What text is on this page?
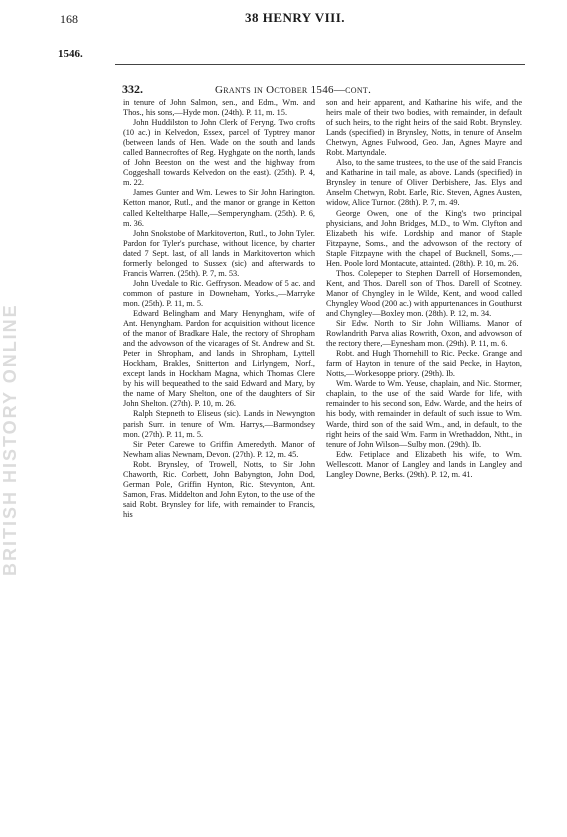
BRITISH HISTORY ONLINE
168	38 HENRY VIII.
1546.
332.	Grants in October 1546—cont.

in tenure of John Salmon, sen., and Edm., Wm. and Thos., his sons,—Hyde mon. (24th). P. 11, m. 15.

John Huddilston to John Clerk of Feryng. Two crofts (10 ac.) in Kelvedon, Essex, parcel of Typtrey manor (between lands of Hen. Wade on the south and lands called Bannecroftes of Reg. Hyghgate on the north, lands of John Beeston on the west and the highway from Coggeshall towards Kelvedon on the east). (25th). P. 4, m. 22.

James Gunter and Wm. Lewes to Sir John Harington. Ketton manor, Rutl., and the manor or grange in Ketton called Kelteltharpe Halle,—Semperyngham. (25th). P. 6, m. 36.

John Snokstobe of Markitoverton, Rutl., to John Tyler. Pardon for Tyler's purchase, without licence, by charter dated 7 Sept. last, of all lands in Markitoverton which formerly belonged to Sussex (sic) and afterwards to Francis Warren. (25th). P. 7, m. 53.

John Uvedale to Ric. Geffryson. Meadow of 5 ac. and common of pasture in Downeham, Yorks.,—Marryke mon. (25th). P. 11, m. 5.

Edward Belingham and Mary Henyngham, wife of Ant. Henyngham. Pardon for acquisition without licence of the manor of Bradkare Hale, the rectory of Shropham and the advowson of the vicarages of St. Andrew and St. Peter in Shropham, and lands in Shropham, Lyttell Hockham, Brakles, Snitterton and Lirlyngem, Norf., except lands in Hockham Magna, which Thomas Clere by his will bequeathed to the said Edward and Mary, by the name of Mary Shelton, one of the daughters of Sir John Shelton. (27th). P. 10, m. 26.

Ralph Stepneth to Eliseus (sic). Lands in Newyngton parish Surr. in tenure of Wm. Harrys,—Barmondsey mon. (27th). P. 11, m. 5.

Sir Peter Carewe to Griffin Ameredyth. Manor of Newham alias Newnam, Devon. (27th). P. 12, m. 45.

Robt. Brynsley, of Trowell, Notts, to Sir John Chaworth, Ric. Corbett, John Babyngton, John Dod, German Pole, Griffin Hynton, Ric. Stevynton, Ant. Samon, Fras. Middelton and John Eyton, to the use of the said Robt. Brynsley for life, with remainder to Francis, his

son and heir apparent, and Katharine his wife, and the heirs male of their two bodies, with remainder, in default of such heirs, to the right heirs of the said Robt. Brynsley. Lands (specified) in Brynsley, Notts, in tenure of Anselm Chetwyn, Agnes Fulwood, Geo. Jan, Agnes Mayre and Robt. Martyndale.

Also, to the same trustees, to the use of the said Francis and Katharine in tail male, as above. Lands (specified) in Brynsley in tenure of Oliver Derbishere, Jas. Elys and Anselm Chetwyn, Robt. Earle, Ric. Steven, Agnes Austen, widow, Alice Turnor. (28th). P. 7, m. 49.

George Owen, one of the King's two principal physicians, and John Bridges, M.D., to Wm. Clyfton and Elizabeth his wife. Lordship and manor of Staple Fitzpayne, Soms., and the advowson of the rectory of Staple Fitzpayne with the chapel of Bucknell, Soms.,—Hen. Poole lord Montacute, attainted. (28th). P. 10, m. 26.

Thos. Colepeper to Stephen Darrell of Horsemonden, Kent, and Thos. Darell son of Thos. Darell of Scotney. Manor of Chyngley in le Wilde, Kent, and wood called Chyngley Wood (200 ac.) with appurtenances in Gouthurst and Chyngley—Boxley mon. (28th). P. 12, m. 34.

Sir Edw. North to Sir John Williams. Manor of Rowlandrith Parva alias Rowrith, Oxon, and advowson of the rectory there,—Eynesham mon. (29th). P. 11, m. 6.

Robt. and Hugh Thornehill to Ric. Pecke. Grange and farm of Hayton in tenure of the said Pecke, in Hayton, Notts,—Workesoppe priory. (29th). Ib.

Wm. Warde to Wm. Yeuse, chaplain, and Nic. Stormer, chaplain, to the use of the said Warde for life, with remainder to his second son, Edw. Warde, and the heirs of his body, with remainder in default of such issue to Wm. Warde, third son of the said Wm., and, in default, to the right heirs of the said Wm. Farm in Wrethaddon, Ntht., in tenure of John Wilson—Sulby mon. (29th). Ib.

Edw. Fetiplace and Elizabeth his wife, to Wm. Wellescott. Manor of Langley and lands in Langley and Langley Downe, Berks. (29th). P. 12, m. 41.
